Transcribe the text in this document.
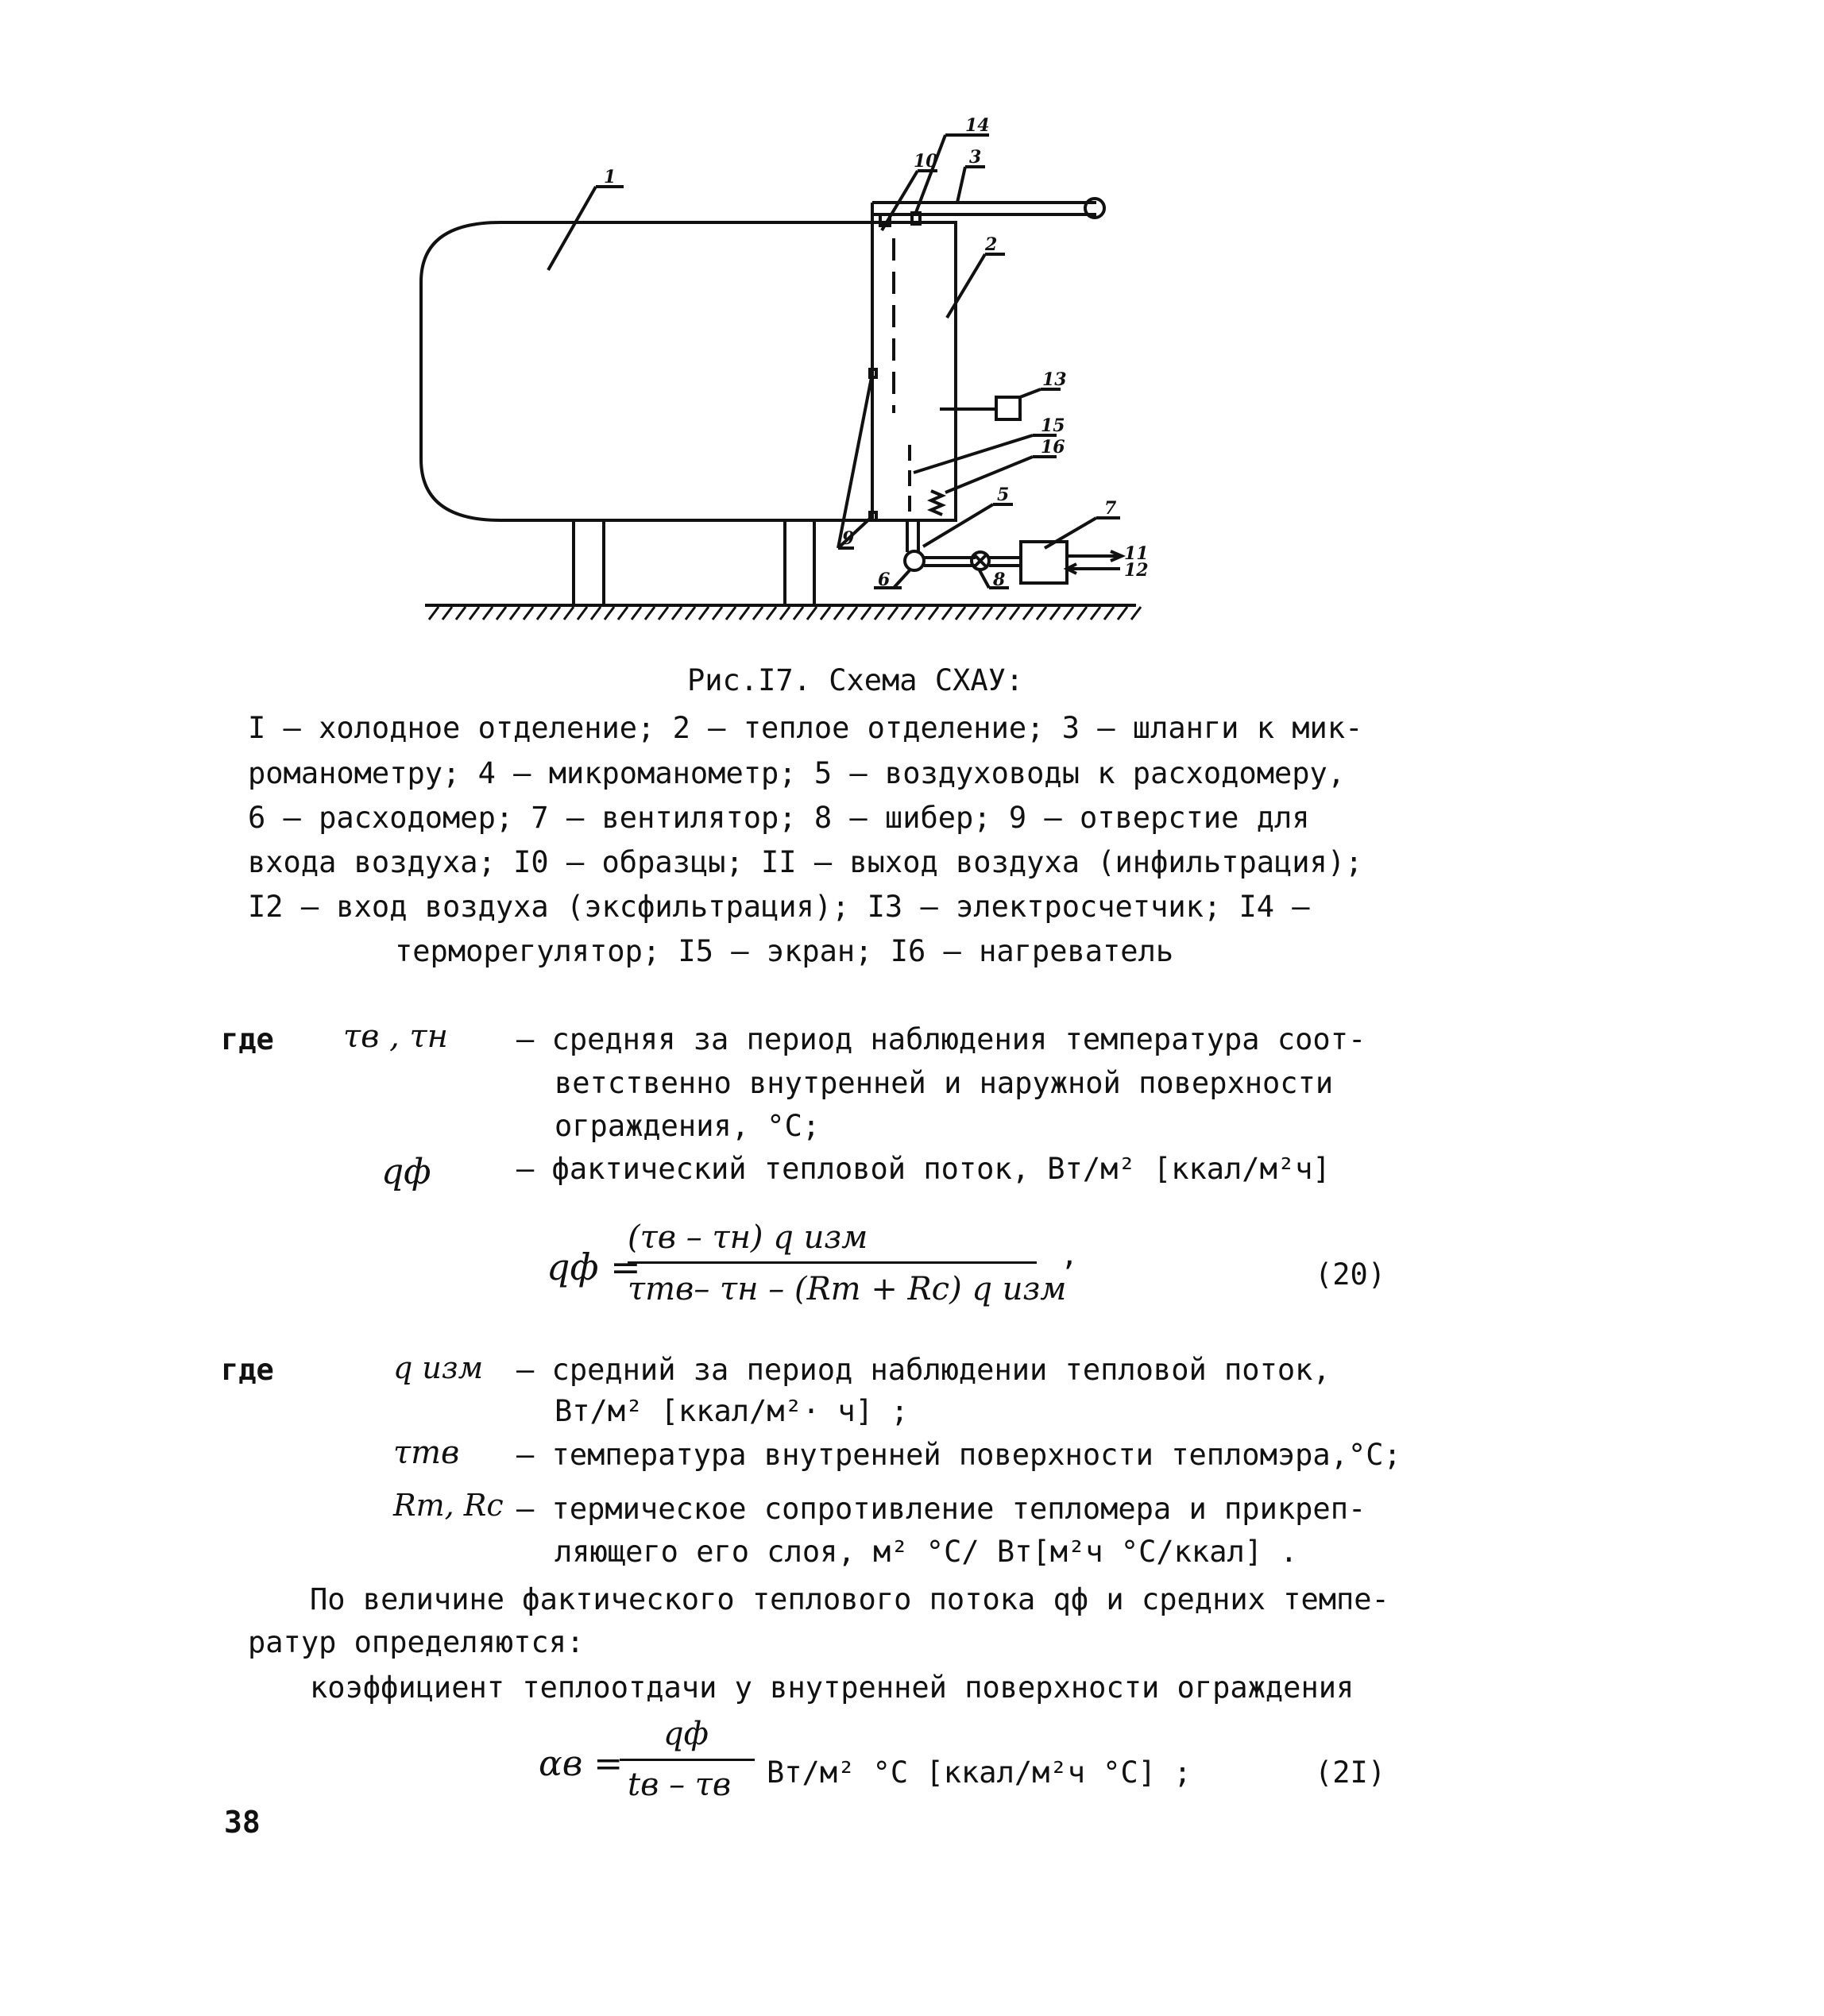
1
2
3
5
6
7
8
9
10
11
12
13
14
15
16
Рис.I7. Схема СХАУ:
I – холодное отделение; 2 – теплое отделение; 3 – шланги к мик-
романометру; 4 – микроманометр; 5 – воздуховоды к расходомеру,
6 – расходомер; 7 – вентилятор; 8 – шибер; 9 – отверстие для
входа воздуха; I0 – образцы; II – выход воздуха (инфильтрация);
I2 – вход воздуха (эксфильтрация); I3 – электросчетчик; I4 –
терморегулятор; I5 – экран; I6 – нагреватель
где τв , τн – средняя за период наблюдения температура соот-
ветственно внутренней и наружной поверхности
ограждения, °С;
qф	– фактический тепловой поток, Вт/м² [ккал/м²ч]
qф =
(τв – τн) q изм
τтв– τн – (Rт + Rс) q изм
,
(20)
где	q изм – средний за период наблюдении тепловой поток,
Вт/м² [ккал/м²· ч] ;
τтв – температура внутренней поверхности тепломэра,°С;
Rт, Rс – термическое сопротивление тепломера и прикреп-
ляющего его слоя, м² °С/ Вт[м²ч °С/ккал] .
По величине фактического теплового потока qф и средних темпе-
ратур определяются:
коэффициент теплоотдачи у внутренней поверхности ограждения
αв =
qф
tв – τв Вт/м² °С [ккал/м²ч °С] ;	(2I)
38
